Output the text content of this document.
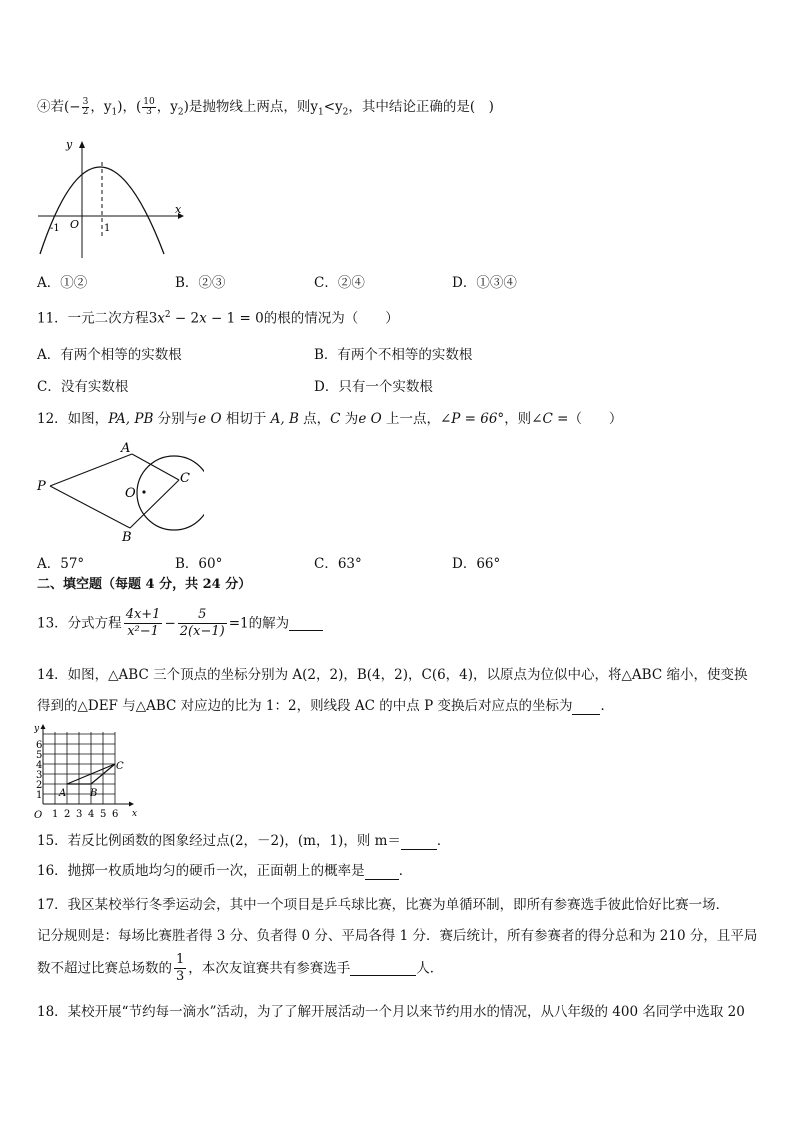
④若(− $\frac{3}{2}$ ，$y_1$)，( $\frac{10}{3}$ ，$y_2$)是抛物线上两点，则$y_1<y_2$，其中结论正确的是(　)
y
x
O
-1	1
A．①②	B．②③	C．②④	D．①③④
11．一元二次方程$3x^2 - 2x - 1 = 0$的根的情况为（　　）
A．有两个相等的实数根	B．有两个不相等的实数根
C．没有实数根	D．只有一个实数根
12．如图，PA, PB 分别与e O 相切于 A, B 点，C 为e O 上一点，∠P = 66°，则∠C =（　　）
P
A
B
C
O
A．57°	B．60°	C．63°	D．66°
二、填空题（每题 4 分，共 24 分）
13．分式方程 $\frac{4x+1}{\text{x²−1}} - \frac{5}{2(x-1)} =1$的解为
14．如图，△ABC 三个顶点的坐标分别为 A(2，2)，B(4，2)，C(6，4)，以原点为位似中心，将△ABC 缩小，使变换
得到的△DEF 与△ABC 对应边的比为 1：2，则线段 AC 的中点 P 变换后对应点的坐标为 ．
y
x
O
1
2
3
4
5
6
1 2 3 4 5 6
A B
C
15．若反比例函数的图象经过点(2，－2)，(m，1)，则 m＝	．
16．抛掷一枚质地均匀的硬币一次，正面朝上的概率是	．
17．我区某校举行冬季运动会，其中一个项目是乒乓球比赛，比赛为单循环制，即所有参赛选手彼此恰好比赛一场．
记分规则是：每场比赛胜者得 3 分、负者得 0 分、平局各得 1 分．赛后统计，所有参赛者的得分总和为 210 分，且平局
数不超过比赛总场数的 $\frac{1}{3}$ ，本次友谊赛共有参赛选手	人．
18．某校开展“节约每一滴水”活动，为了了解开展活动一个月以来节约用水的情况，从八年级的 400 名同学中选取 20
